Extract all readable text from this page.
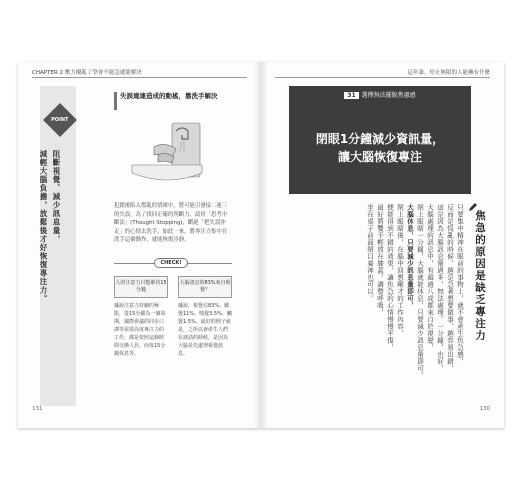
CHAPTER 2 壓力擾亂了學會不能急就能解決
POINT
阻斷視覺、減少訊息量，
減輕大腦負擔，放鬆後才好恢復專注力。
失誤連連造成的動搖，靠洗手解決
犯錯後陷入慌亂的情緒中，將可能引發接二連三的失誤。為了找回正確的判斷力，請用「思考中斷法」(Thought Stopping)，斷絕「把失誤沖走」的心情去洗手，如此一來，將專注力集中在洗手這個動作，就能恢復冷靜。
CHECK!
人的注意力只能維持15分鐘
大腦訊息的83%來自視覺？
據說注意力持續的極限，從15分鐘為一個周期，國際會議的同步口譯等需要高度專注力的工作，都是依照這個時間交換人員，而每15分鐘休息等。
據說，視覺佔83%、聽覺11%、嗅覺3.5%、觸覺1.5%、最好的例子就是，之所以會產生人們在談話的時候，是因為大腦是先處理視覺訊息。
131
這年誰，停止無限的人能擁有什麼
31 選擇無法擺脫焦慮感
閉眼1分鐘減少資訊量，
讓大腦恢復專注
焦急的原因是缺乏專注力
只要集中精神在眼前的事物上，就不會產生焦急感，
反而是慌亂的時候，越是急著想要做事，越容易出錯，
這是因為大腦訊息量過多，無法處理。一分鐘，也好，
大腦處理的訊息中，有超過八成都來自於視覺，
閉上眼睛一分鐘，大腦就能休息，只要減少訊息量即可。
大腦休息，只要減少訊息量即可，
閉上眼睛後，在腦中回想剛才的工作內容，
便能得到不錯的效果，讓焦急的心情慢慢平復，
最好將雙手輕放在膝蓋，調整呼吸，
坐在桌子前面閉目養神也可以。
130
